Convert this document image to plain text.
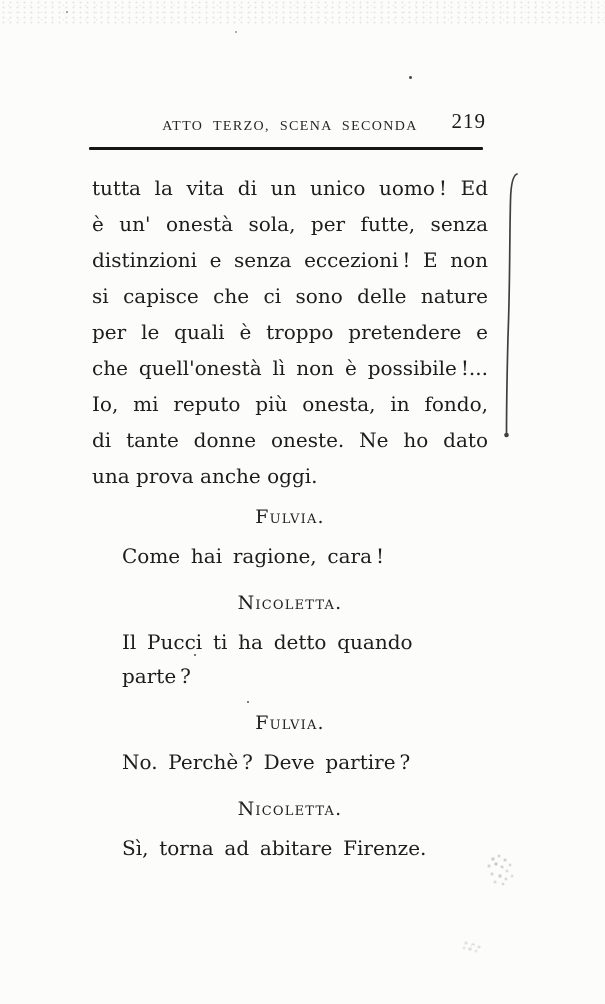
ATTO TERZO, SCENA SECONDA 219
tutta la vita di un unico uomo ! Ed
è un' onestà sola, per futte, senza
distinzioni e senza eccezioni ! E non
si capisce che ci sono delle nature
per le quali è troppo pretendere e
che quell'onestà lì non è possibile !...
Io, mi reputo più onesta, in fondo,
di tante donne oneste. Ne ho dato
una prova anche oggi.
Fulvia.
Come hai ragione, cara !
Nicoletta.
Il Pucci ti ha detto quando parte ?
Fulvia.
No. Perchè ? Deve partire ?
Nicoletta.
Sì, torna ad abitare Firenze.
